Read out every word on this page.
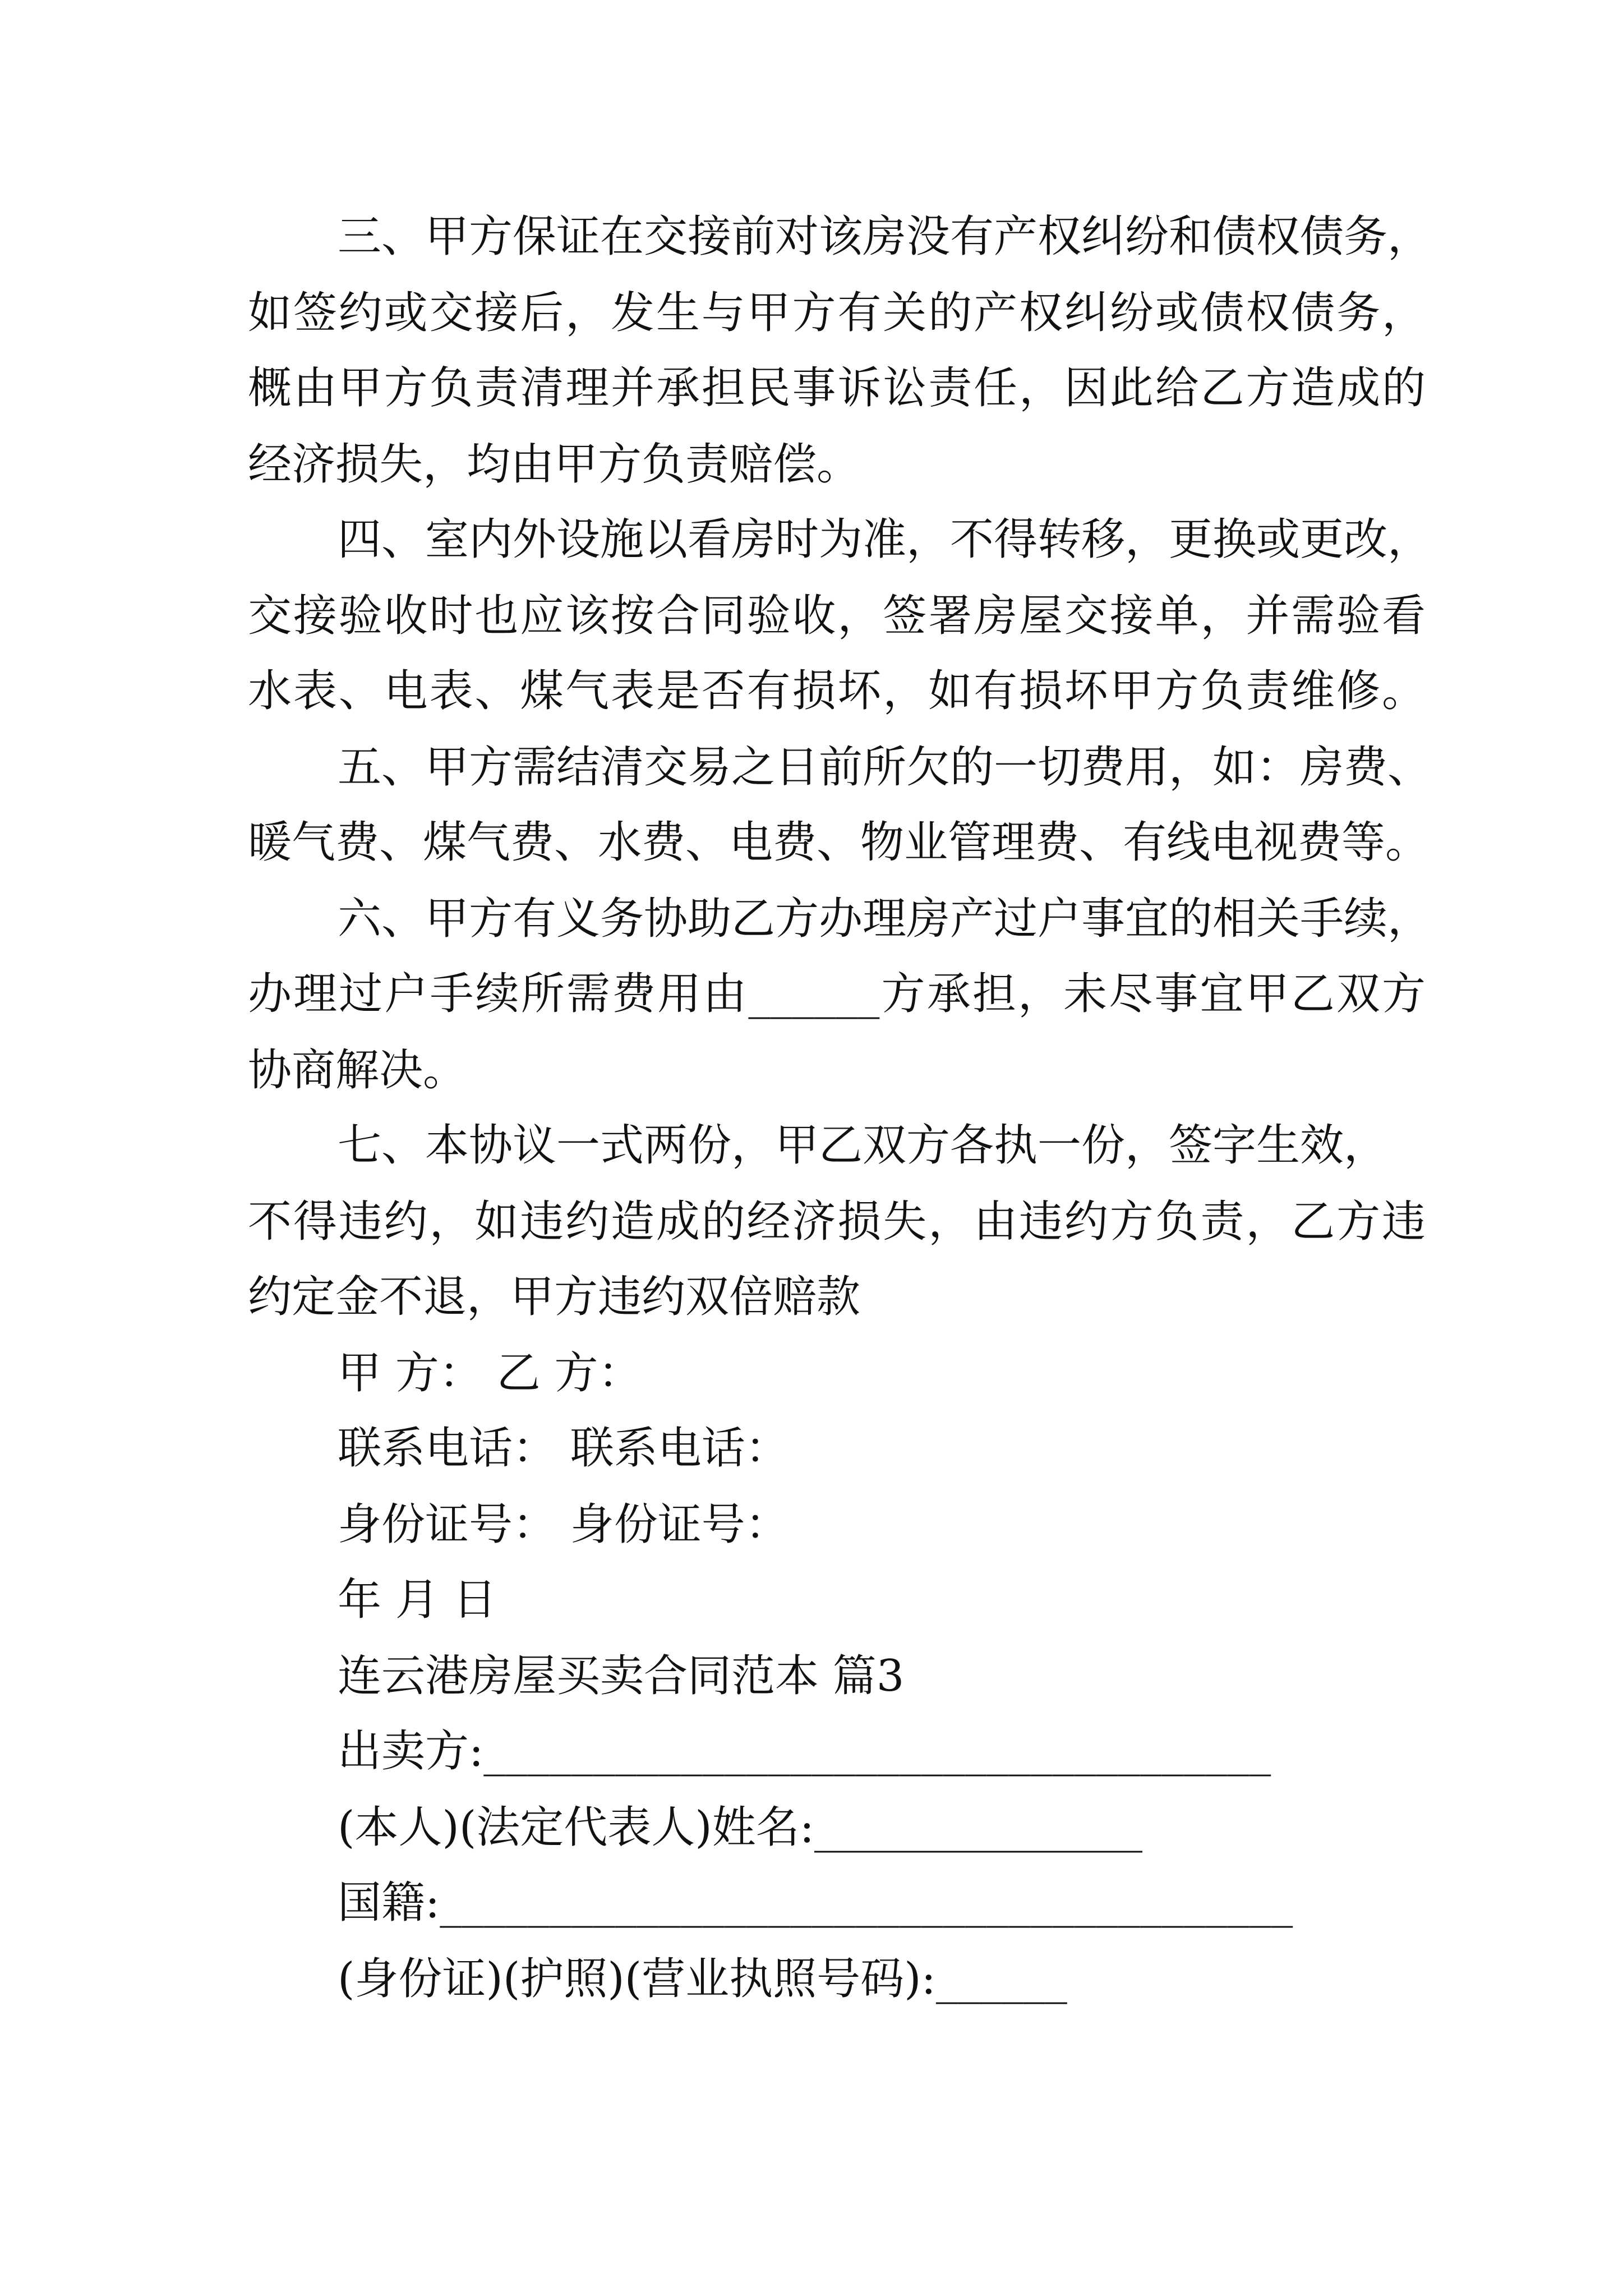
三、甲方保证在交接前对该房没有产权纠纷和债权债务，
如签约或交接后，发生与甲方有关的产权纠纷或债权债务，
概由甲方负责清理并承担民事诉讼责任，因此给乙方造成的
经济损失，均由甲方负责赔偿。
四、室内外设施以看房时为准，不得转移，更换或更改，
交接验收时也应该按合同验收，签署房屋交接单，并需验看
水表、电表、煤气表是否有损坏，如有损坏甲方负责维修。
五、甲方需结清交易之日前所欠的一切费用，如：房费、
暖气费、煤气费、水费、电费、物业管理费、有线电视费等。
六、甲方有义务协助乙方办理房产过户事宜的相关手续，
办理过户手续所需费用由______方承担，未尽事宜甲乙双方
协商解决。
七、本协议一式两份，甲乙双方各执一份，签字生效，
不得违约，如违约造成的经济损失，由违约方负责，乙方违
约定金不退，甲方违约双倍赔款
甲 方： 乙 方：
联系电话： 联系电话：
身份证号： 身份证号：
年 月 日
连云港房屋买卖合同范本 篇3
出卖方:____________________________________
(本人)(法定代表人)姓名:_______________
国籍:_______________________________________
(身份证)(护照)(营业执照号码):______
